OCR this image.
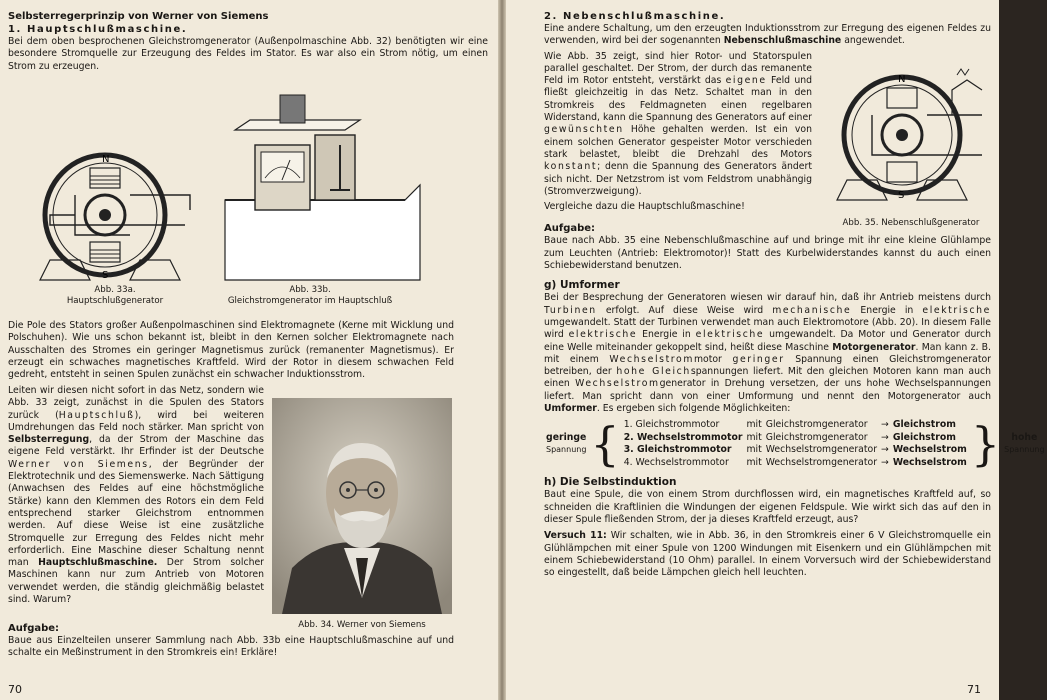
Selbsterregerprinzip von Werner von Siemens
1. Hauptschlußmaschine.

Bei dem oben besprochenen Gleichstromgenerator (Außenpolmaschine Abb. 32) benötigten wir eine besondere Stromquelle zur Erzeugung des Feldes im Stator. Es war also ein Strom nötig, um einen Strom zu erzeugen.

N
S
Abb. 33a.
Hauptschlußgenerator
Abb. 33b.
Gleichstromgenerator im Hauptschluß

Die Pole des Stators großer Außenpolmaschinen sind Elektromagnete (Kerne mit Wicklung und Polschuhen). Wie uns schon bekannt ist, bleibt in den Kernen solcher Elektromagnete nach Ausschalten des Stromes ein geringer Magnetismus zurück (remanenter Magnetismus). Er erzeugt ein schwaches magnetisches Kraftfeld. Wird der Rotor in diesem schwachen Feld gedreht, entsteht in seinen Spulen zunächst ein schwacher Induktionsstrom.

Leiten wir diesen nicht sofort in das Netz, sondern wie Abb. 33 zeigt, zunächst in die Spulen des Stators zurück (Hauptschluß), wird bei weiteren Umdrehungen das Feld noch stärker. Man spricht von Selbsterregung, da der Strom der Maschine das eigene Feld verstärkt. Ihr Erfinder ist der Deutsche Werner von Siemens, der Begründer der Elektrotechnik und des Siemenswerke. Nach Sättigung (Anwachsen des Feldes auf eine höchstmögliche Stärke) kann den Klemmen des Rotors ein dem Feld entsprechend starker Gleichstrom entnommen werden. Auf diese Weise ist eine zusätzliche Stromquelle zur Erregung des Feldes nicht mehr erforderlich. Eine Maschine dieser Schaltung nennt man Hauptschlußmaschine. Der Strom solcher Maschinen kann nur zum Antrieb von Motoren verwendet werden, die ständig gleichmäßig belastet sind. Warum?

Abb. 34. Werner von Siemens
Aufgabe:

Baue aus Einzelteilen unserer Sammlung nach Abb. 33b eine Hauptschlußmaschine auf und schalte ein Meßinstrument in den Stromkreis ein! Erkläre!

70
2. Nebenschlußmaschine.

Eine andere Schaltung, um den erzeugten Induktionsstrom zur Erregung des eigenen Feldes zu verwenden, wird bei der sogenannten Nebenschlußmaschine angewendet.

Wie Abb. 35 zeigt, sind hier Rotor- und Statorspulen parallel geschaltet. Der Strom, der durch das remanente Feld im Rotor entsteht, verstärkt das eigene Feld und fließt gleichzeitig in das Netz. Schaltet man in den Stromkreis des Feldmagneten einen regelbaren Widerstand, kann die Spannung des Generators auf einer gewünschten Höhe gehalten werden. Ist ein von einem solchen Generator gespeister Motor verschieden stark belastet, bleibt die Drehzahl des Motors konstant; denn die Spannung des Generators ändert sich nicht. Der Netzstrom ist vom Feldstrom unabhängig (Stromverzweigung).

Vergleiche dazu die Hauptschlußmaschine!

N
S
Abb. 35. Nebenschlußgenerator
Aufgabe:

Baue nach Abb. 35 eine Nebenschlußmaschine auf und bringe mit ihr eine kleine Glühlampe zum Leuchten (Antrieb: Elektromotor)! Statt des Kurbelwiderstandes kannst du auch einen Schiebewiderstand benutzen.

g) Umformer

Bei der Besprechung der Generatoren wiesen wir darauf hin, daß ihr Antrieb meistens durch Turbinen erfolgt. Auf diese Weise wird mechanische Energie in elektrische umgewandelt. Statt der Turbinen verwendet man auch Elektromotore (Abb. 20). In diesem Falle wird elektrische Energie in elektrische umgewandelt. Da Motor und Generator durch eine Welle miteinander gekoppelt sind, heißt diese Maschine Motorgenerator. Man kann z. B. mit einem Wechselstrommotor geringer Spannung einen Gleichstromgenerator betreiben, der hohe Gleichspannungen liefert. Mit den gleichen Motoren kann man auch einen Wechselstromgenerator in Drehung versetzen, der uns hohe Wechselspannungen liefert. Man spricht dann von einer Umformung und nennt den Motorgenerator auch Umformer. Es ergeben sich folgende Möglichkeiten:

geringe
Spannung	{	1. Gleichstrommotor	mit	Gleichstromgenerator	→	Gleichstrom	}	hohe
Spannung
		2. Wechselstrommotor	mit	Gleichstromgenerator	→	Gleichstrom		
		3. Gleichstrommotor	mit	Wechselstromgenerator	→	Wechselstrom		
		4. Wechselstrommotor	mit	Wechselstromgenerator	→	Wechselstrom		
h) Die Selbstinduktion

Baut eine Spule, die von einem Strom durchflossen wird, ein magnetisches Kraftfeld auf, so schneiden die Kraftlinien die Windungen der eigenen Feldspule. Wie wirkt sich das auf den in dieser Spule fließenden Strom, der ja dieses Kraftfeld erzeugt, aus?

Versuch 11: Wir schalten, wie in Abb. 36, in den Stromkreis einer 6 V Gleichstromquelle ein Glühlämpchen mit einer Spule von 1200 Windungen mit Eisenkern und ein Glühlämpchen mit einem Schiebewiderstand (10 Ohm) parallel. In einem Vorversuch wird der Schiebewiderstand so eingestellt, daß beide Lämpchen gleich hell leuchten.

71
